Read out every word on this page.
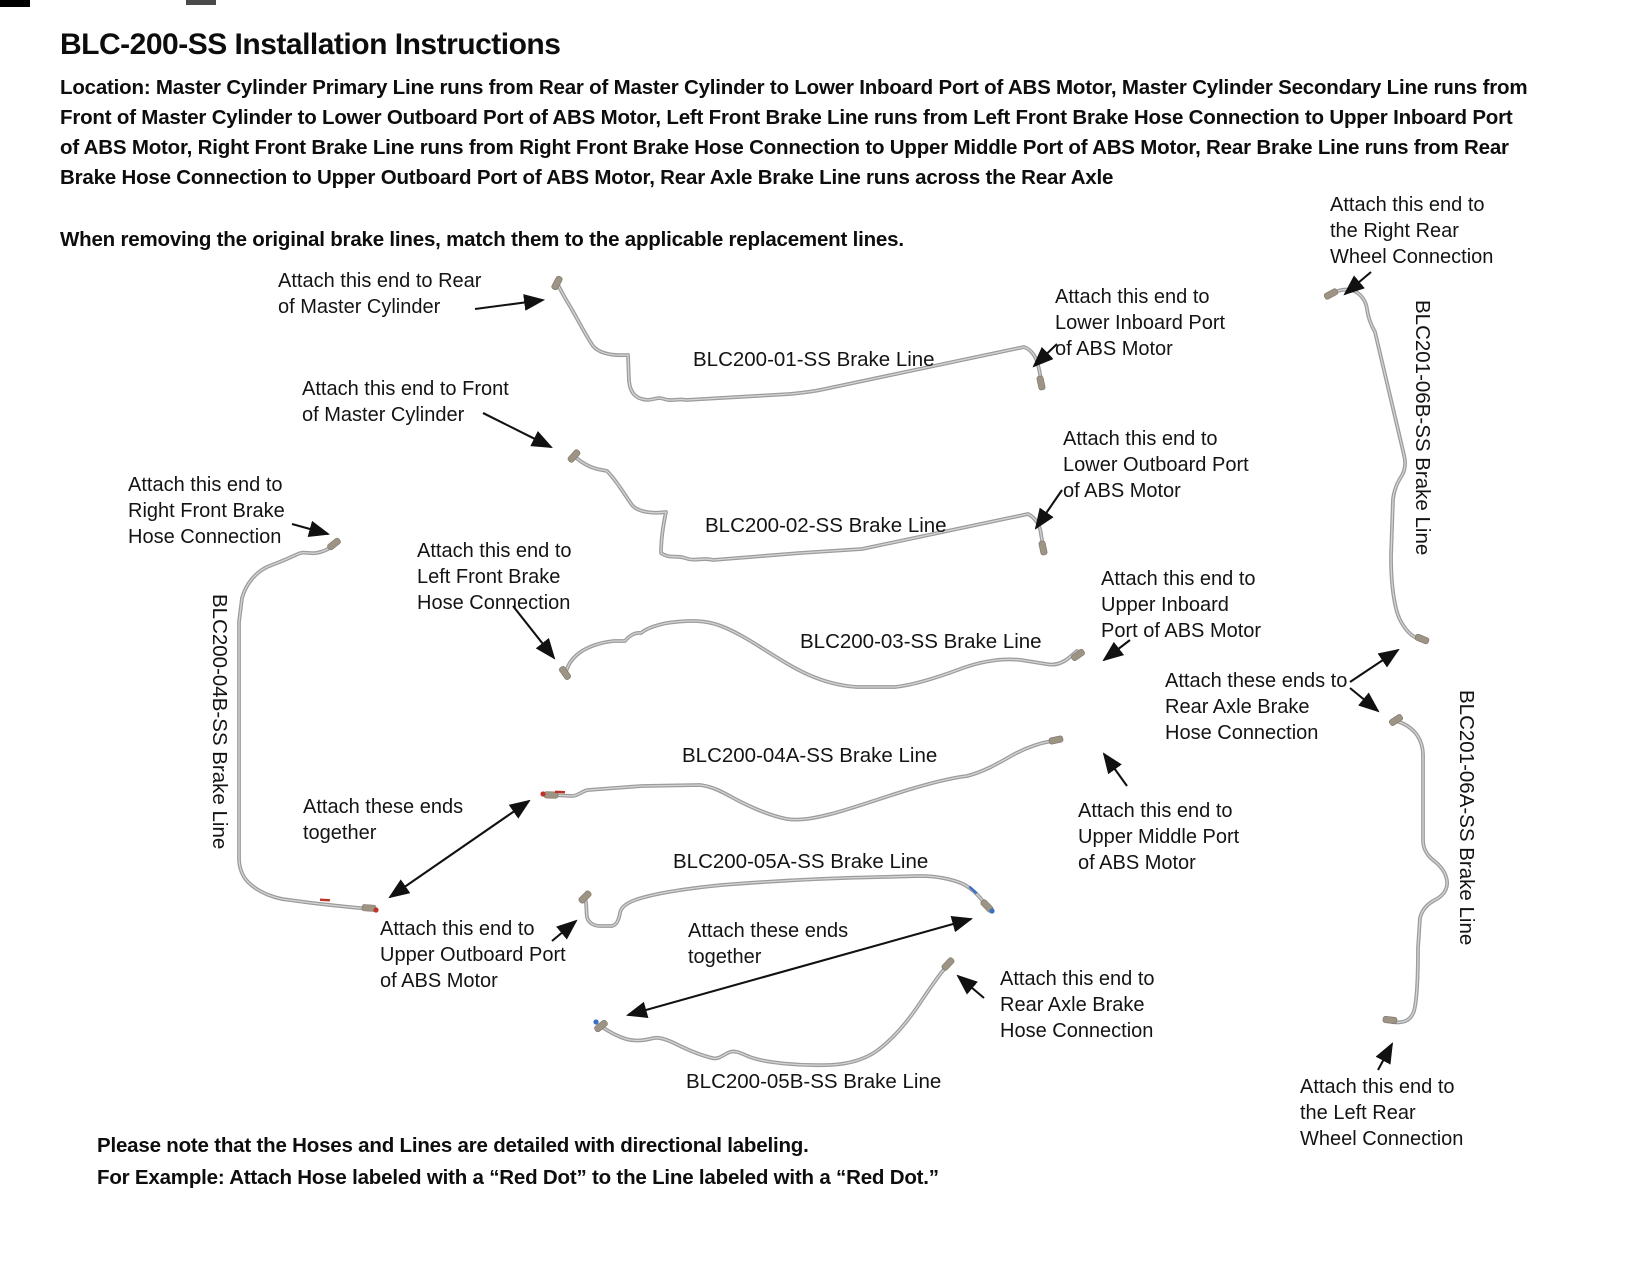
BLC-200-SS Installation Instructions
Location: Master Cylinder Primary Line runs from Rear of Master Cylinder to Lower Inboard Port of ABS Motor, Master Cylinder Secondary Line runs from
Front of Master Cylinder to Lower Outboard Port of ABS Motor, Left Front Brake Line runs from Left Front Brake Hose Connection to Upper Inboard Port
of ABS Motor, Right Front Brake Line runs from Right Front Brake Hose Connection to Upper Middle Port of ABS Motor, Rear Brake Line runs from Rear
Brake Hose Connection to Upper Outboard Port of ABS Motor, Rear Axle Brake Line runs across the Rear Axle
When removing the original brake lines, match them to the applicable replacement lines.
Attach this end to Rear
of Master Cylinder
Attach this end to Front
of Master Cylinder
Attach this end to
Lower Inboard Port
of ABS Motor
Attach this end to
Lower Outboard Port
of ABS Motor
Attach this end to
Right Front Brake
Hose Connection
Attach this end to
Left Front Brake
Hose Connection
Attach this end to
Upper Inboard
Port of ABS Motor
Attach these ends to
Rear Axle Brake
Hose Connection
Attach this end to
the Right Rear
Wheel Connection
Attach these ends
together
Attach this end to
Upper Middle Port
of ABS Motor
Attach this end to
Upper Outboard Port
of ABS Motor
Attach these ends
together
Attach this end to
Rear Axle Brake
Hose Connection
Attach this end to
the Left Rear
Wheel Connection
BLC200-01-SS Brake Line
BLC200-02-SS Brake Line
BLC200-03-SS Brake Line
BLC200-04A-SS Brake Line
BLC200-05A-SS Brake Line
BLC200-05B-SS Brake Line
BLC200-04B-SS Brake Line
BLC201-06B-SS Brake Line
BLC201-06A-SS Brake Line
Please note that the Hoses and Lines are detailed with directional labeling.
For Example: Attach Hose labeled with a “Red Dot” to the Line labeled with a “Red Dot.”
